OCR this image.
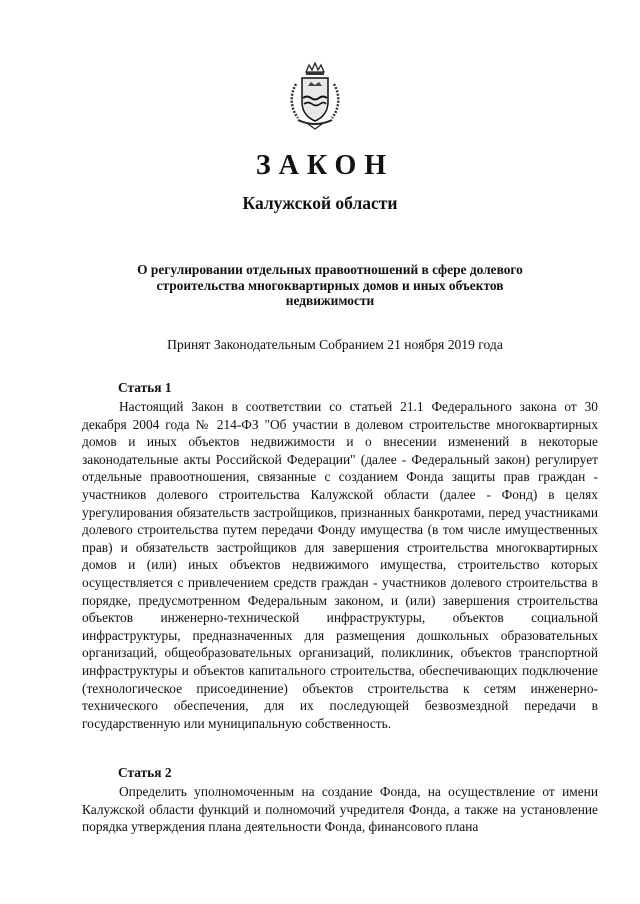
ЗАКОН
Калужской области
О регулировании отдельных правоотношений в сфере долевого строительства многоквартирных домов и иных объектов недвижимости
Принят Законодательным Собранием 21 ноября 2019 года
Статья 1

Настоящий Закон в соответствии со статьей 21.1 Федерального закона от 30 декабря 2004 года № 214-ФЗ "Об участии в долевом строительстве многоквартирных домов и иных объектов недвижимости и о внесении изменений в некоторые законодательные акты Российской Федерации" (далее - Федеральный закон) регулирует отдельные правоотношения, связанные с созданием Фонда защиты прав граждан - участников долевого строительства Калужской области (далее - Фонд) в целях урегулирования обязательств застройщиков, признанных банкротами, перед участниками долевого строительства путем передачи Фонду имущества (в том числе имущественных прав) и обязательств застройщиков для завершения строительства многоквартирных домов и (или) иных объектов недвижимого имущества, строительство которых осуществляется с привлечением средств граждан - участников долевого строительства в порядке, предусмотренном Федеральным законом, и (или) завершения строительства объектов инженерно-технической инфраструктуры, объектов социальной инфраструктуры, предназначенных для размещения дошкольных образовательных организаций, общеобразовательных организаций, поликлиник, объектов транспортной инфраструктуры и объектов капитального строительства, обеспечивающих подключение (технологическое присоединение) объектов строительства к сетям инженерно-технического обеспечения, для их последующей безвозмездной передачи в государственную или муниципальную собственность.

Статья 2

Определить уполномоченным на создание Фонда, на осуществление от имени Калужской области функций и полномочий учредителя Фонда, а также на установление порядка утверждения плана деятельности Фонда, финансового плана
